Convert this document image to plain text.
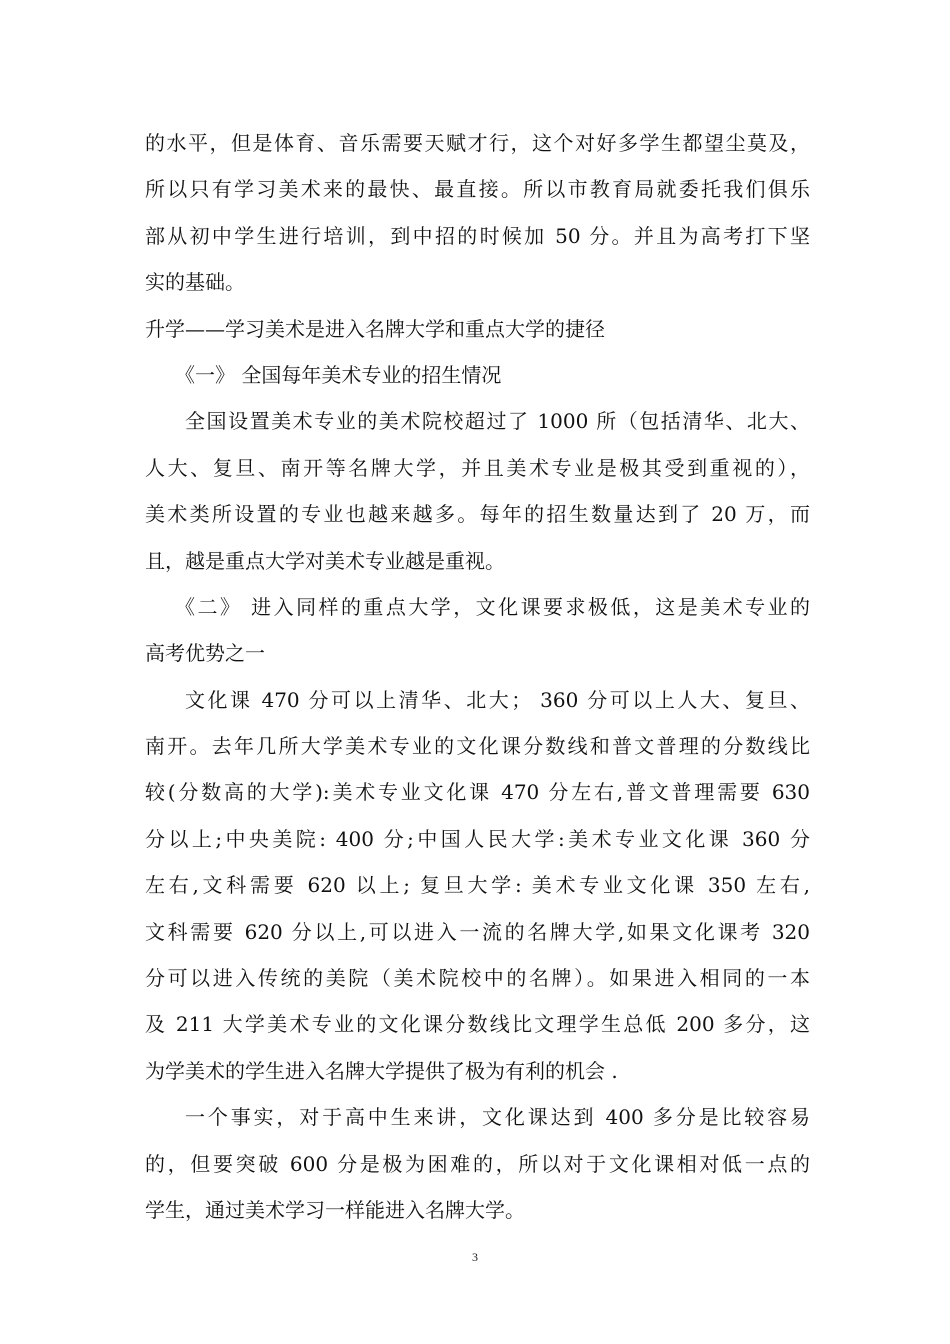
的水平，但是体育、音乐需要天赋才行，这个对好多学生都望尘莫及，
所以只有学习美术来的最快、最直接。所以市教育局就委托我们俱乐
部从初中学生进行培训，到中招的时候加 50 分。并且为高考打下坚
实的基础。
升学——学习美术是进入名牌大学和重点大学的捷径
《一》 全国每年美术专业的招生情况
全国设置美术专业的美术院校超过了 1000 所（包括清华、北大、
人大、复旦、南开等名牌大学，并且美术专业是极其受到重视的），
美术类所设置的专业也越来越多。每年的招生数量达到了 20 万，而
且，越是重点大学对美术专业越是重视。
《二》 进入同样的重点大学，文化课要求极低，这是美术专业的
高考优势之一
文化课 470 分可以上清华、北大； 360 分可以上人大、复旦、
南开。去年几所大学美术专业的文化课分数线和普文普理的分数线比
较(分数高的大学):美术专业文化课 470 分左右,普文普理需要 630
分以上;中央美院: 400 分;中国人民大学:美术专业文化课 360 分
左右,文科需要 620 以上; 复旦大学: 美术专业文化课 350 左右,
文科需要 620 分以上,可以进入一流的名牌大学,如果文化课考 320
分可以进入传统的美院（美术院校中的名牌）。如果进入相同的一本
及 211 大学美术专业的文化课分数线比文理学生总低 200 多分，这
为学美术的学生进入名牌大学提供了极为有利的机会 .
一个事实，对于高中生来讲，文化课达到 400 多分是比较容易
的，但要突破 600 分是极为困难的，所以对于文化课相对低一点的
学生，通过美术学习一样能进入名牌大学。
3
